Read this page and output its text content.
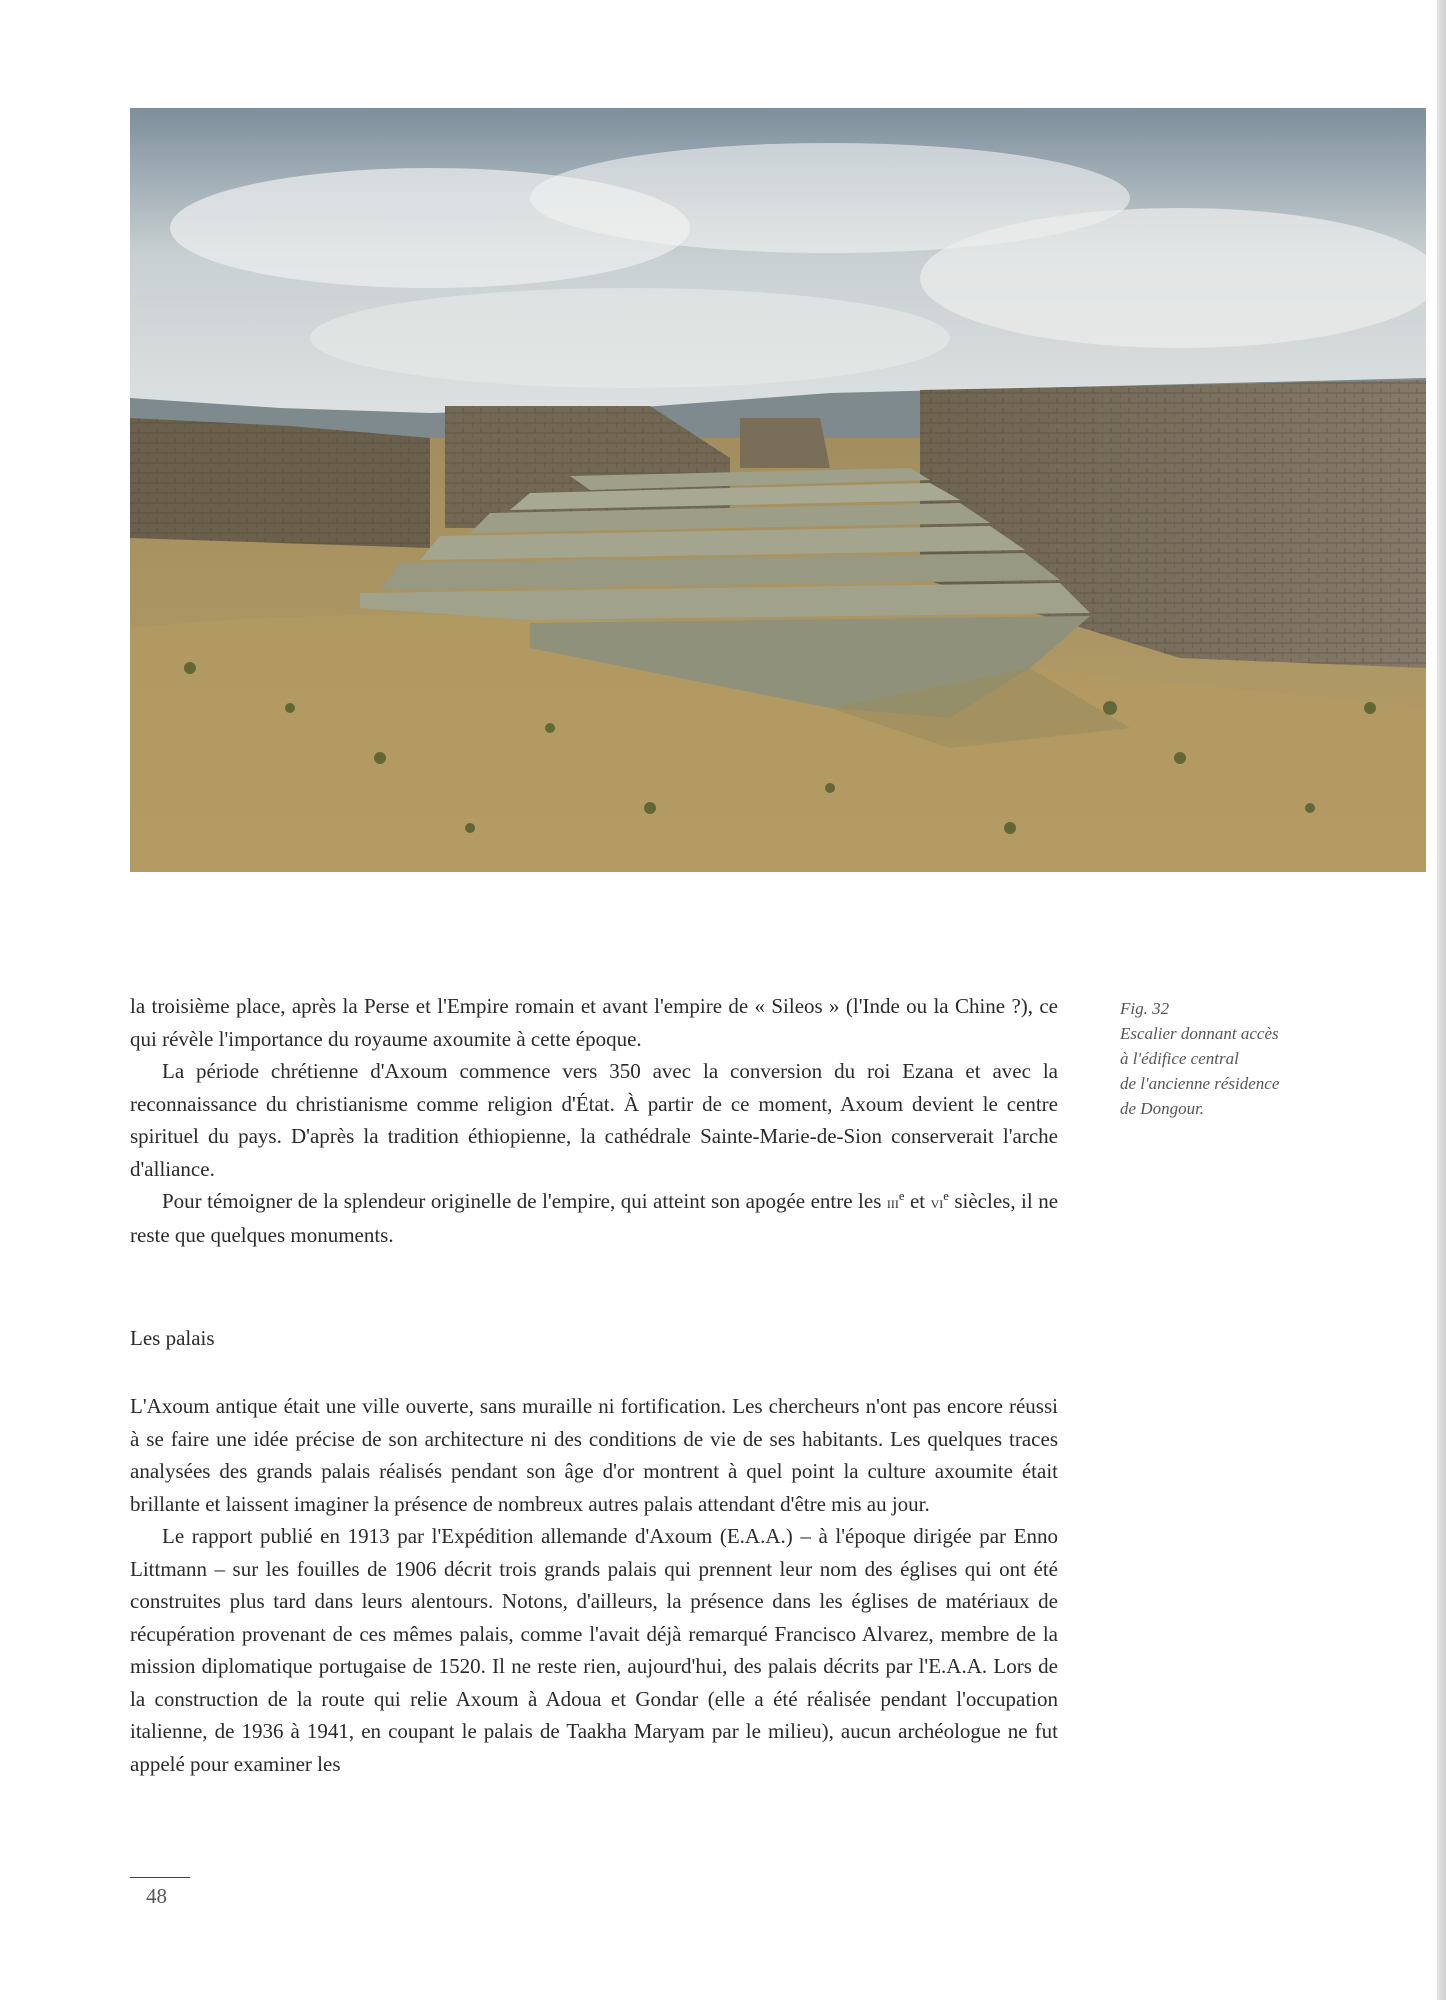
la troisième place, après la Perse et l'Empire romain et avant l'empire de « Sileos » (l'Inde ou la Chine ?), ce qui révèle l'importance du royaume axoumite à cette époque.

La période chrétienne d'Axoum commence vers 350 avec la conversion du roi Ezana et avec la reconnaissance du christianisme comme religion d'État. À partir de ce moment, Axoum devient le centre spirituel du pays. D'après la tradition éthiopienne, la cathédrale Sainte-Marie-de-Sion conserverait l'arche d'alliance.

Pour témoigner de la splendeur originelle de l'empire, qui atteint son apogée entre les iii$^e$ et $vi^e$ siècles, il ne reste que quelques monuments.

Fig. 32
Escalier donnant accès
à l'édifice central
de l'ancienne résidence
de Dongour.
Les palais

L'Axoum antique était une ville ouverte, sans muraille ni fortification. Les chercheurs n'ont pas encore réussi à se faire une idée précise de son architecture ni des conditions de vie de ses habitants. Les quelques traces analysées des grands palais réalisés pendant son âge d'or montrent à quel point la culture axoumite était brillante et laissent imaginer la présence de nombreux autres palais attendant d'être mis au jour.

Le rapport publié en 1913 par l'Expédition allemande d'Axoum (E.A.A.) – à l'époque dirigée par Enno Littmann – sur les fouilles de 1906 décrit trois grands palais qui prennent leur nom des églises qui ont été construites plus tard dans leurs alentours. Notons, d'ailleurs, la présence dans les églises de matériaux de récupération provenant de ces mêmes palais, comme l'avait déjà remarqué Francisco Alvarez, membre de la mission diplomatique portugaise de 1520. Il ne reste rien, aujourd'hui, des palais décrits par l'E.A.A. Lors de la construction de la route qui relie Axoum à Adoua et Gondar (elle a été réalisée pendant l'occupation italienne, de 1936 à 1941, en coupant le palais de Taakha Maryam par le milieu), aucun archéologue ne fut appelé pour examiner les

48
